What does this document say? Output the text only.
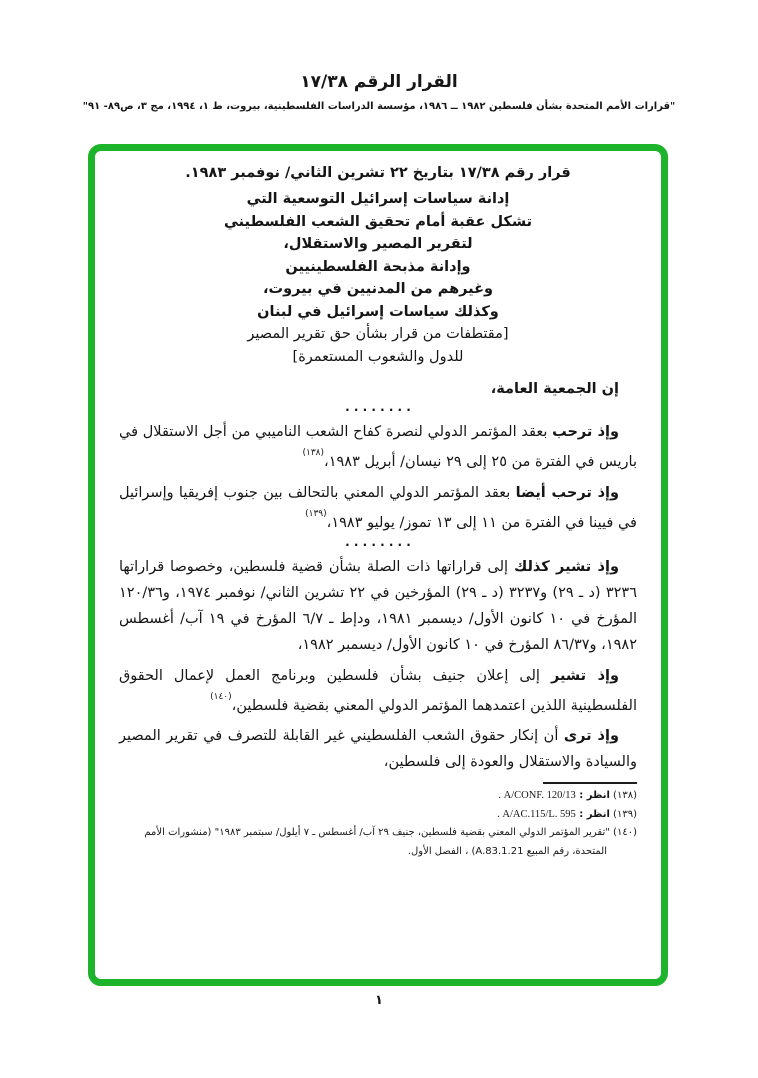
القرار الرقم ١٧/٣٨
"قرارات الأمم المتحدة بشأن فلسطين ١٩٨٢ ــ ١٩٨٦، مؤسسة الدراسات الفلسطينية، بيروت، ط ١، ١٩٩٤، مج ٣، ص٨٩- ٩١"
قرار رقم ١٧/٣٨ بتاريخ ٢٢ تشرين الثاني/ نوفمبر ١٩٨٣.
إدانة سياسات إسرائيل التوسعية التي
تشكل عقبة أمام تحقيق الشعب الفلسطيني
لتقرير المصير والاستقلال،
وإدانة مذبحة الفلسطينيين
وغيرهم من المدنيين في بيروت،
وكذلك سياسات إسرائيل في لبنان
[مقتطفات من قرار بشأن حق تقرير المصير
للدول والشعوب المستعمرة]
إن الجمعية العامة،
. . . . . . . .

وإذ ترحب بعقد المؤتمر الدولي لنصرة كفاح الشعب الناميبي من أجل الاستقلال في باريس في الفترة من ٢٥ إلى ٢٩ نيسان/ أبريل ١٩٨٣،$^{(١٣٨)}$

وإذ ترحب أيضا بعقد المؤتمر الدولي المعني بالتحالف بين جنوب إفريقيا وإسرائيل في فيينا في الفترة من ١١ إلى ١٣ تموز/ يوليو ١٩٨٣،$^{(١٣٩)}$

. . . . . . . .

وإذ تشير كذلك إلى قراراتها ذات الصلة بشأن قضية فلسطين، وخصوصا قراراتها ٣٢٣٦ (د ـ ٢٩) و٣٢٣٧ (د ـ ٢٩) المؤرخين في ٢٢ تشرين الثاني/ نوفمبر ١٩٧٤، و١٢٠/٣٦ المؤرخ في ١٠ كانون الأول/ ديسمبر ١٩٨١، ودإط ـ ٦/٧ المؤرخ في ١٩ آب/ أغسطس ١٩٨٢، و٨٦/٣٧ المؤرخ في ١٠ كانون الأول/ ديسمبر ١٩٨٢،

وإذ تشير إلى إعلان جنيف بشأن فلسطين وبرنامج العمل لإعمال الحقوق الفلسطينية اللذين اعتمدهما المؤتمر الدولي المعني بقضية فلسطين،$^{(١٤٠)}$

وإذ ترى أن إنكار حقوق الشعب الفلسطيني غير القابلة للتصرف في تقرير المصير والسيادة والاستقلال والعودة إلى فلسطين،

(١٣٨) انظر : A/CONF. 120/13 .
(١٣٩) انظر : A/AC.115/L. 595 .
(١٤٠) "تقرير المؤتمر الدولي المعني بقضية فلسطين، جنيف ٢٩ آب/ أغسطس ـ ٧ أيلول/ سبتمبر ١٩٨٣" (منشورات الأمم المتحدة، رقم المبيع A.83.1.21) ، الفصل الأول.
١
